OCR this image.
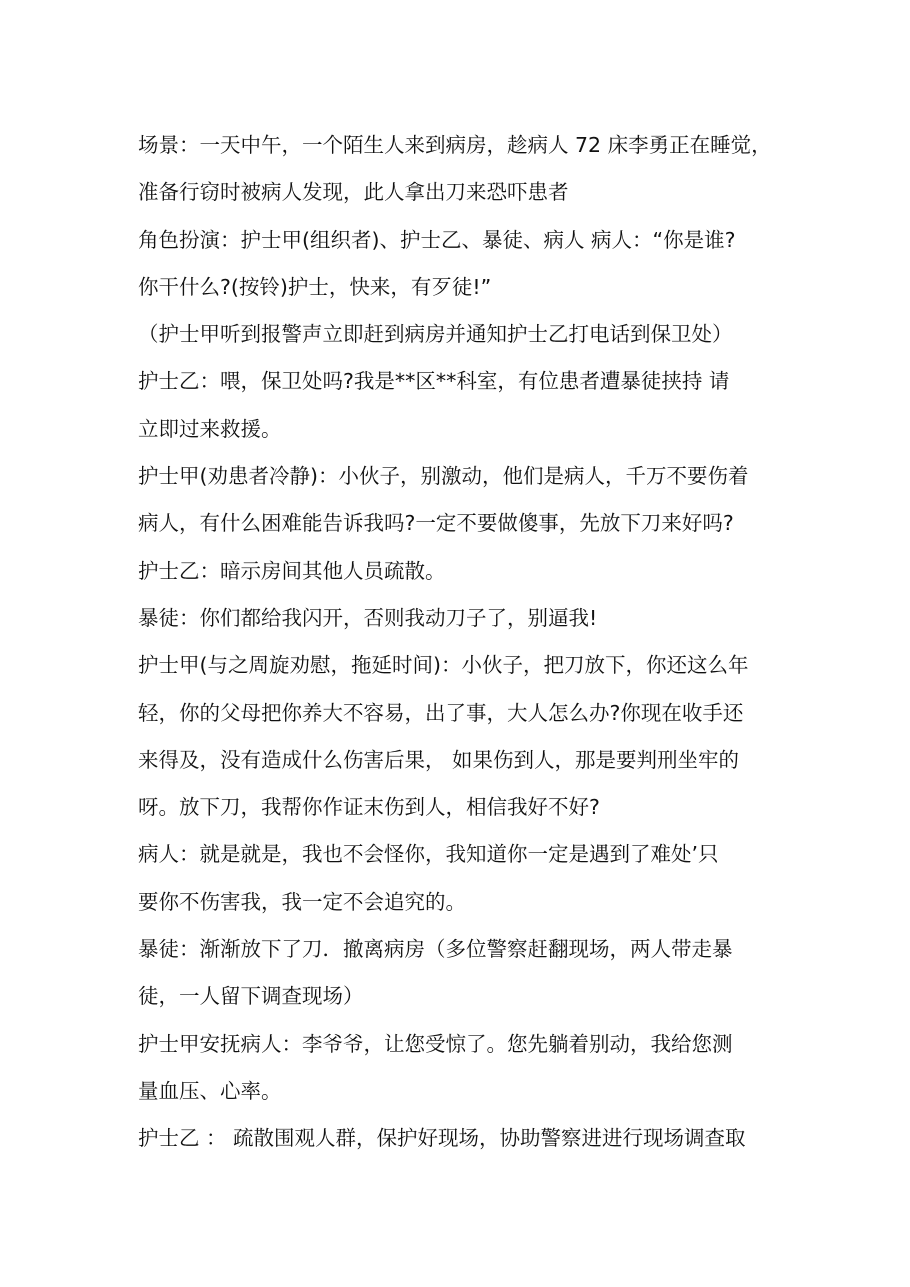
场景：一天中午，一个陌生人来到病房，趁病人 72 床李勇正在睡觉，
准备行窃时被病人发现，此人拿出刀来恐吓患者
角色扮演：护士甲(组织者)、护士乙、暴徒、病人 病人：“你是谁?
你干什么?(按铃)护士，快来，有歹徒!”
（护士甲听到报警声立即赶到病房并通知护士乙打电话到保卫处）
护士乙：喂，保卫处吗?我是**区**科室，有位患者遭暴徒挟持 请
立即过来救援。
护士甲(劝患者冷静)：小伙子，别激动，他们是病人，千万不要伤着
病人，有什么困难能告诉我吗?一定不要做傻事，先放下刀来好吗?
护士乙：暗示房间其他人员疏散。
暴徒：你们都给我闪开，否则我动刀子了，别逼我!
护士甲(与之周旋劝慰，拖延时间)：小伙子，把刀放下，你还这么年
轻，你的父母把你养大不容易，出了事，大人怎么办?你现在收手还
来得及，没有造成什么伤害后果， 如果伤到人，那是要判刑坐牢的
呀。放下刀，我帮你作证末伤到人，相信我好不好?
病人：就是就是，我也不会怪你，我知道你一定是遇到了难处’只
要你不伤害我，我一定不会追究的。
暴徒：渐渐放下了刀．撤离病房（多位警察赶翻现场，两人带走暴
徒，一人留下调查现场）
护士甲安抚病人：李爷爷，让您受惊了。您先躺着别动，我给您测
量血压、心率。
护士乙 ： 疏散围观人群，保护好现场，协助警察进进行现场调查取
